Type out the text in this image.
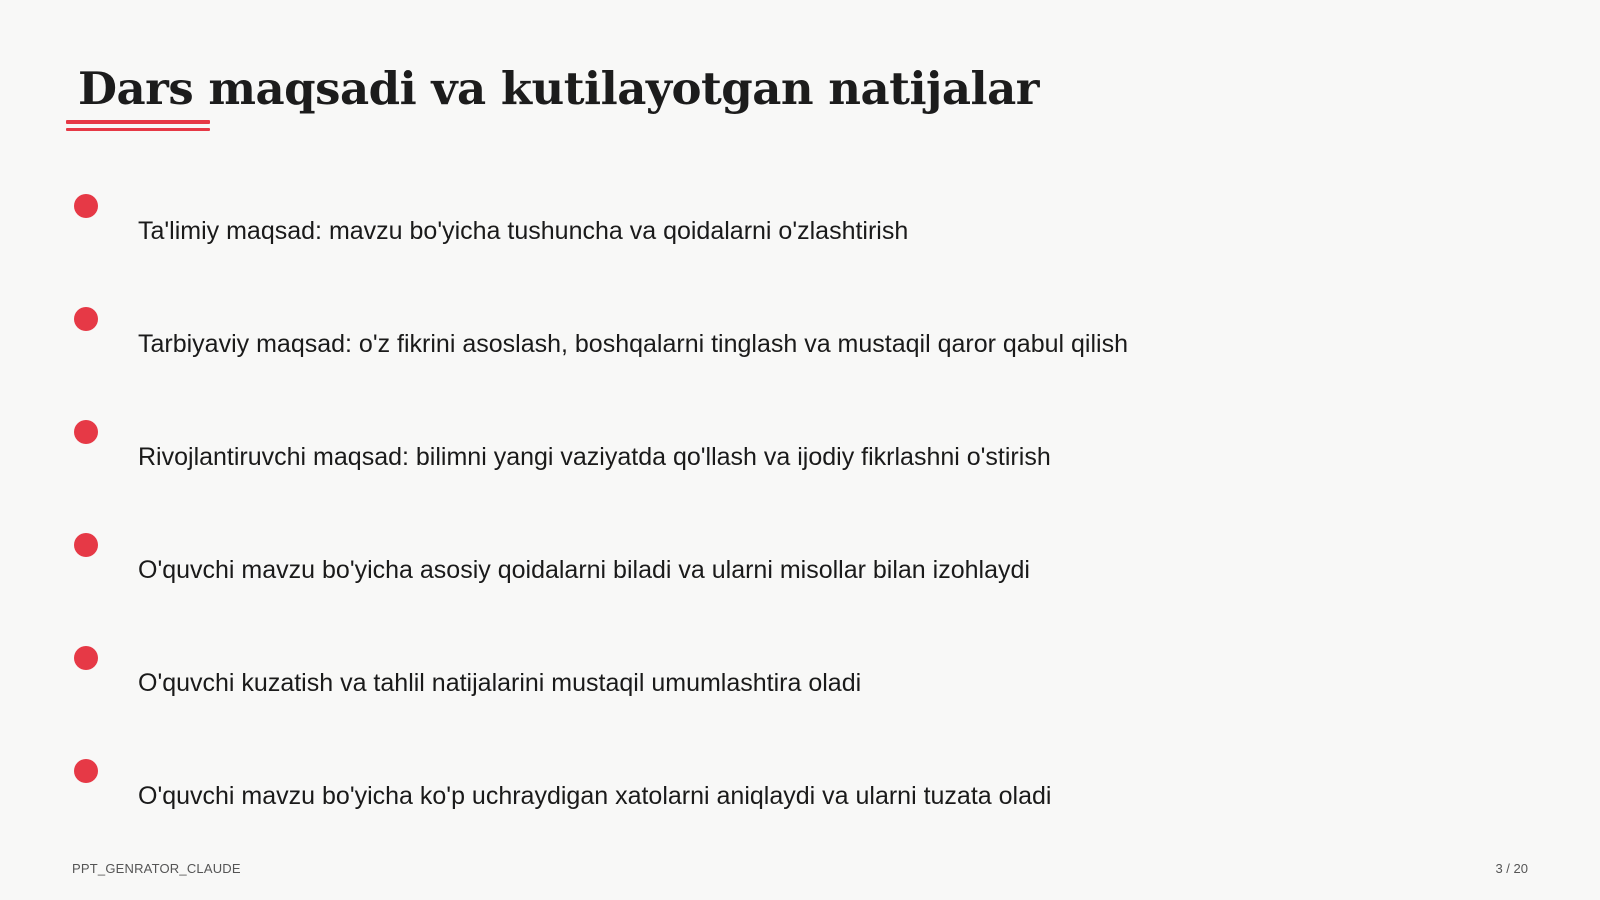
Dars maqsadi va kutilayotgan natijalar
Ta'limiy maqsad: mavzu bo'yicha tushuncha va qoidalarni o'zlashtirish
Tarbiyaviy maqsad: o'z fikrini asoslash, boshqalarni tinglash va mustaqil qaror qabul qilish
Rivojlantiruvchi maqsad: bilimni yangi vaziyatda qo'llash va ijodiy fikrlashni o'stirish
O'quvchi mavzu bo'yicha asosiy qoidalarni biladi va ularni misollar bilan izohlaydi
O'quvchi kuzatish va tahlil natijalarini mustaqil umumlashtira oladi
O'quvchi mavzu bo'yicha ko'p uchraydigan xatolarni aniqlaydi va ularni tuzata oladi
PPT_GENRATOR_CLAUDE	3 / 20
